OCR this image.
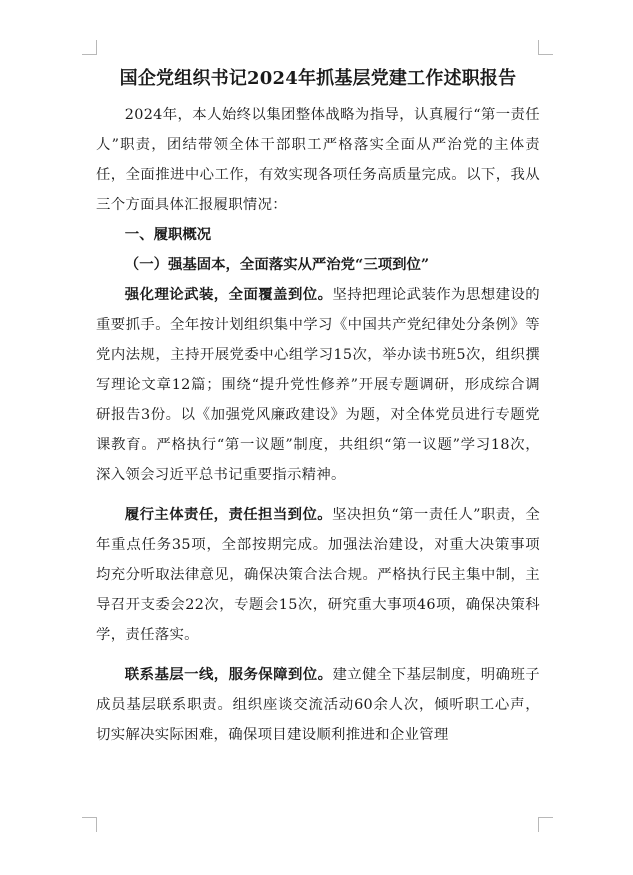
国企党组织书记2024年抓基层党建工作述职报告

2024年，本人始终以集团整体战略为指导，认真履行“第一责任人”职责，团结带领全体干部职工严格落实全面从严治党的主体责任，全面推进中心工作，有效实现各项任务高质量完成。以下，我从三个方面具体汇报履职情况：

一、履职概况

（一）强基固本，全面落实从严治党“三项到位”

强化理论武装，全面覆盖到位。坚持把理论武装作为思想建设的重要抓手。全年按计划组织集中学习《中国共产党纪律处分条例》等党内法规，主持开展党委中心组学习15次，举办读书班5次，组织撰写理论文章12篇；围绕“提升党性修养”开展专题调研，形成综合调研报告3份。以《加强党风廉政建设》为题，对全体党员进行专题党课教育。严格执行“第一议题”制度，共组织“第一议题”学习18次，深入领会习近平总书记重要指示精神。

履行主体责任，责任担当到位。坚决担负“第一责任人”职责，全年重点任务35项，全部按期完成。加强法治建设，对重大决策事项均充分听取法律意见，确保决策合法合规。严格执行民主集中制，主导召开支委会22次，专题会15次，研究重大事项46项，确保决策科学，责任落实。

联系基层一线，服务保障到位。建立健全下基层制度，明确班子成员基层联系职责。组织座谈交流活动60余人次，倾听职工心声，切实解决实际困难，确保项目建设顺利推进和企业管理
